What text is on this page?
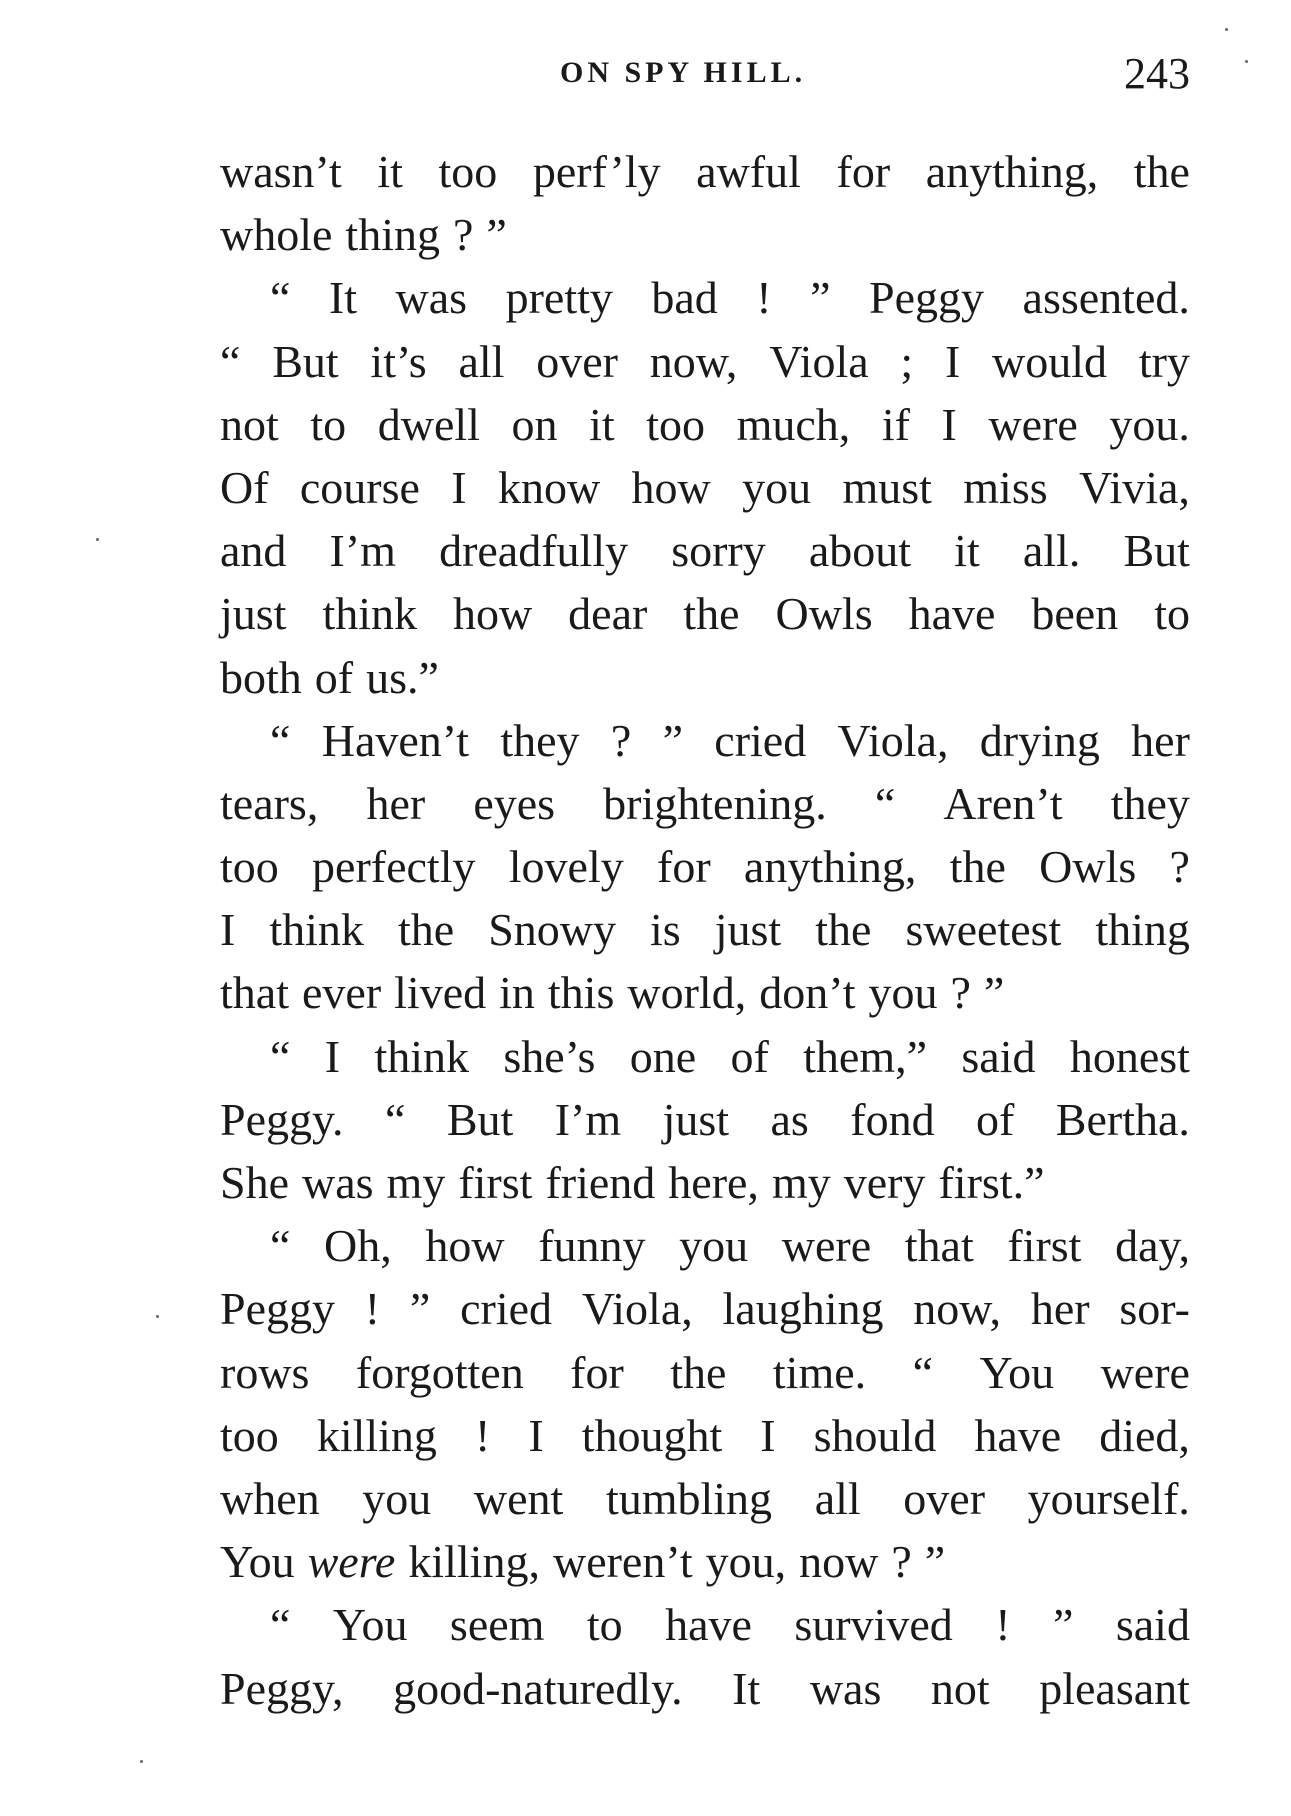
ON SPY HILL.	243
wasn’t it too perf’ly awful for anything, the
whole thing ? ”
“ It was pretty bad ! ” Peggy assented.
“ But it’s all over now, Viola ; I would try
not to dwell on it too much, if I were you.
Of course I know how you must miss Vivia,
and I’m dreadfully sorry about it all. But
just think how dear the Owls have been to
both of us.”
“ Haven’t they ? ” cried Viola, drying her
tears, her eyes brightening. “ Aren’t they
too perfectly lovely for anything, the Owls ?
I think the Snowy is just the sweetest thing
that ever lived in this world, don’t you ? ”
“ I think she’s one of them,” said honest
Peggy. “ But I’m just as fond of Bertha.
She was my first friend here, my very first.”
“ Oh, how funny you were that first day,
Peggy ! ” cried Viola, laughing now, her sor-
rows forgotten for the time. “ You were
too killing ! I thought I should have died,
when you went tumbling all over yourself.
You were killing, weren’t you, now ? ”
“ You seem to have survived ! ” said
Peggy, good-naturedly. It was not pleasant
